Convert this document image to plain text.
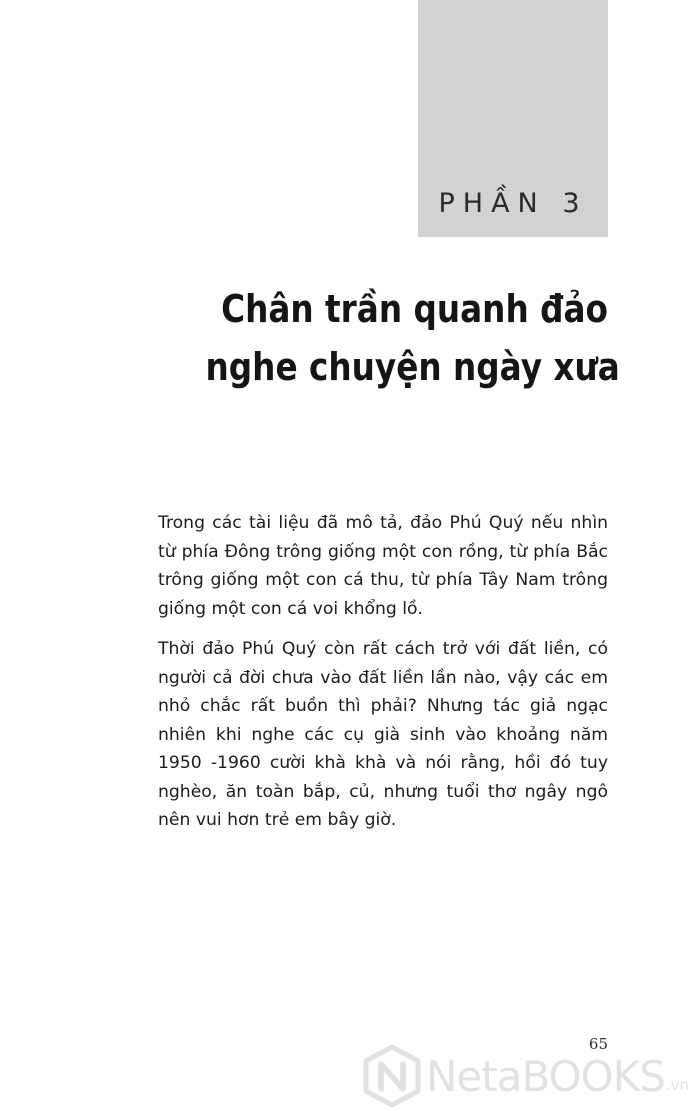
PHẦN 3
Chân trần quanh đảo
nghe chuyện ngày xưa

Trong các tài liệu đã mô tả, đảo Phú Quý nếu nhìn từ phía Đông trông giống một con rồng, từ phía Bắc trông giống một con cá thu, từ phía Tây Nam trông giống một con cá voi khổng lồ.

Thời đảo Phú Quý còn rất cách trở với đất liền, có người cả đời chưa vào đất liền lần nào, vậy các em nhỏ chắc rất buồn thì phải? Nhưng tác giả ngạc nhiên khi nghe các cụ già sinh vào khoảng năm 1950 -1960 cười khà khà và nói rằng, hồi đó tuy nghèo, ăn toàn bắp, củ, nhưng tuổi thơ ngây ngô nên vui hơn trẻ em bây giờ.

65
NetaBOOKS .vn
